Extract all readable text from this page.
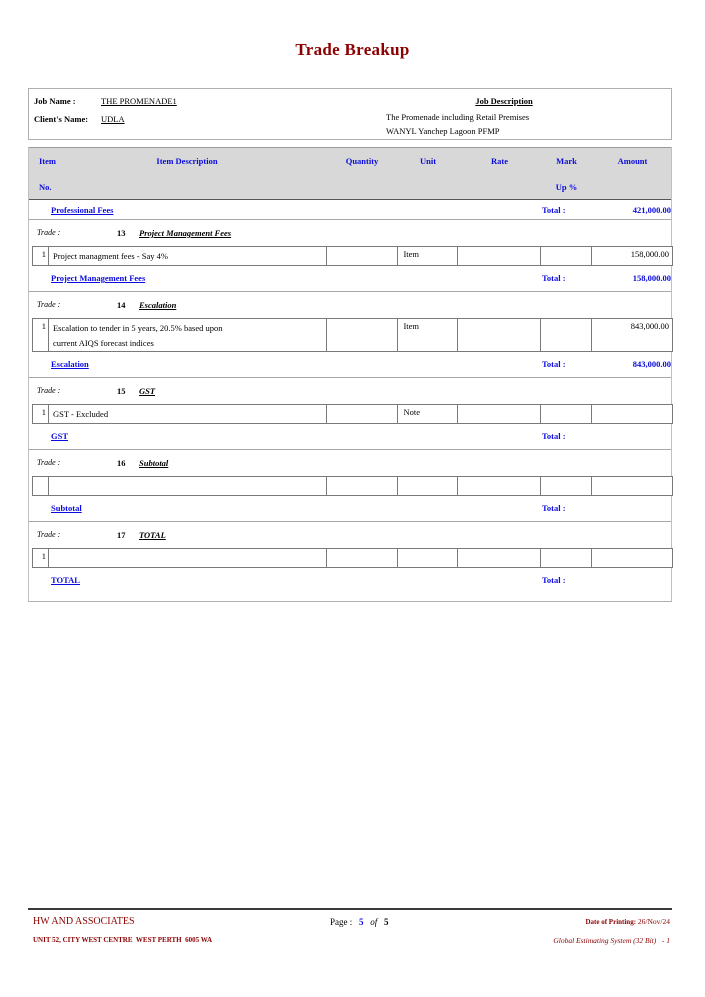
Trade Breakup
Job Name :	THE PROMENADE1	Job Description
Client's Name: UDLA	The Promenade including Retail Premises
WANYL Yanchep Lagoon PFMP
Item	Item Description	Quantity	Unit	Rate	Mark	Amount
No.	Up %
Professional Fees	Total :	421,000.00
Trade :	13 Project Management Fees
1 Project managment fees - Say 4%	Item	158,000.00
Project Management Fees	Total :	158,000.00
Trade :	14 Escalation
1 Escalation to tender in 5 years, 20.5% based upon
current AIQS forecast indices
Item	843,000.00
Escalation	Total :	843,000.00
Trade :	15 GST
1 GST - Excluded	Note
GST	Total :
Trade :	16 Subtotal

Subtotal	Total :
Trade :	17 TOTAL
1

TOTAL	Total :
HW AND ASSOCIATES	Page : 5 of 5	Date of Printing: 26/Nov/24
UNIT 52, CITY WEST CENTRE  WEST PERTH  6005 WA	Global Estimating System (32 Bit)   - 1
